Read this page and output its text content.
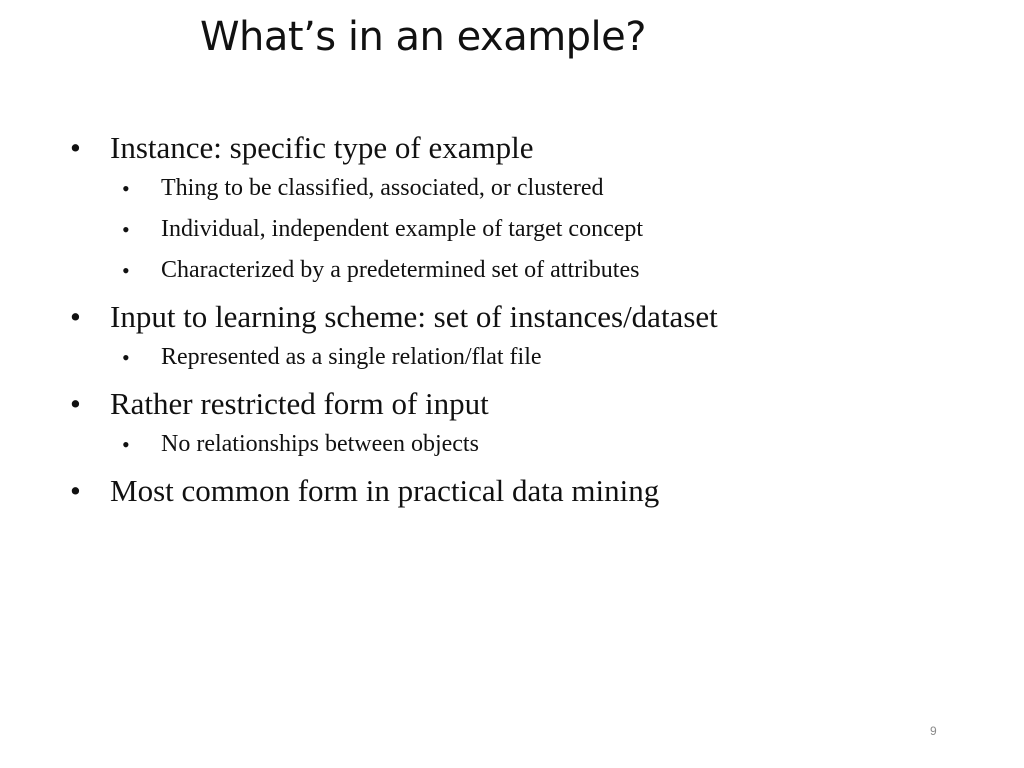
What’s in an example?
• Instance: specific type of example
• Thing to be classified, associated, or clustered
• Individual, independent example of target concept
• Characterized by a predetermined set of attributes
• Input to learning scheme: set of instances/dataset
• Represented as a single relation/flat file
• Rather restricted form of input
• No relationships between objects
• Most common form in practical data mining
9
